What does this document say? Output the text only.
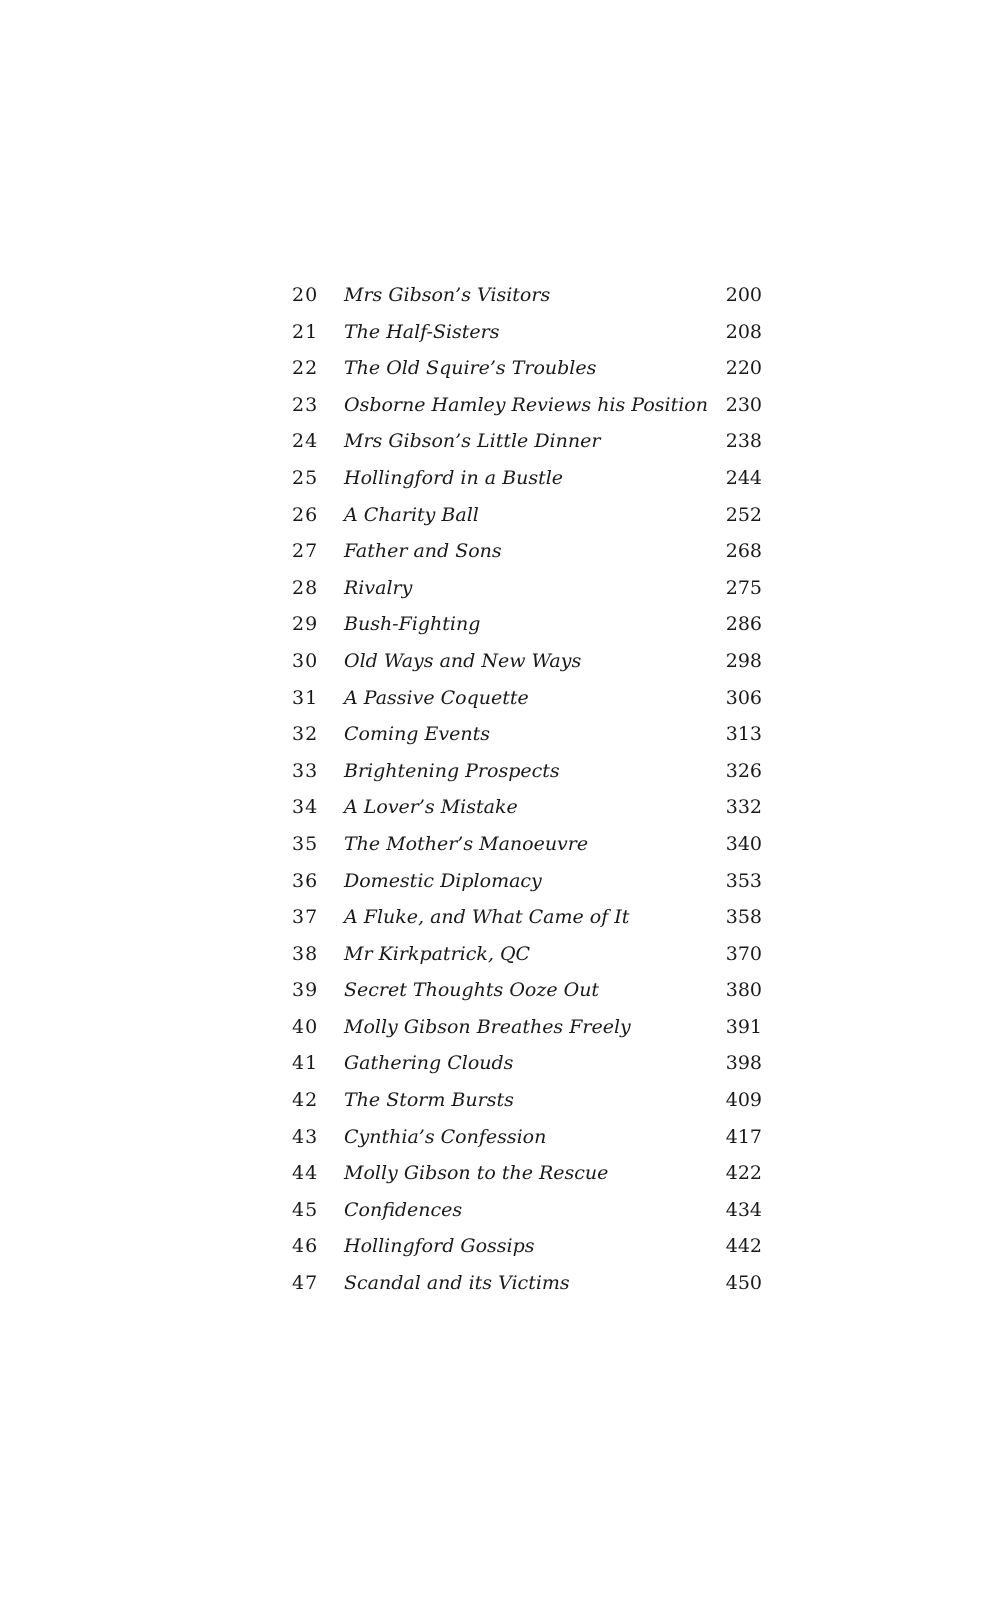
20 Mrs Gibson’s Visitors	200
21 The Half-Sisters	208
22 The Old Squire’s Troubles	220
23 Osborne Hamley Reviews his Position 230
24 Mrs Gibson’s Little Dinner	238
25 Hollingford in a Bustle	244
26 A Charity Ball	252
27 Father and Sons	268
28 Rivalry	275
29 Bush-Fighting	286
30 Old Ways and New Ways	298
31 A Passive Coquette	306
32 Coming Events	313
33 Brightening Prospects	326
34 A Lover’s Mistake	332
35 The Mother’s Manoeuvre	340
36 Domestic Diplomacy	353
37 A Fluke, and What Came of It	358
38 Mr Kirkpatrick, QC	370
39 Secret Thoughts Ooze Out	380
40 Molly Gibson Breathes Freely	391
41 Gathering Clouds	398
42 The Storm Bursts	409
43 Cynthia’s Confession	417
44 Molly Gibson to the Rescue	422
45 Confidences	434
46 Hollingford Gossips	442
47 Scandal and its Victims	450
